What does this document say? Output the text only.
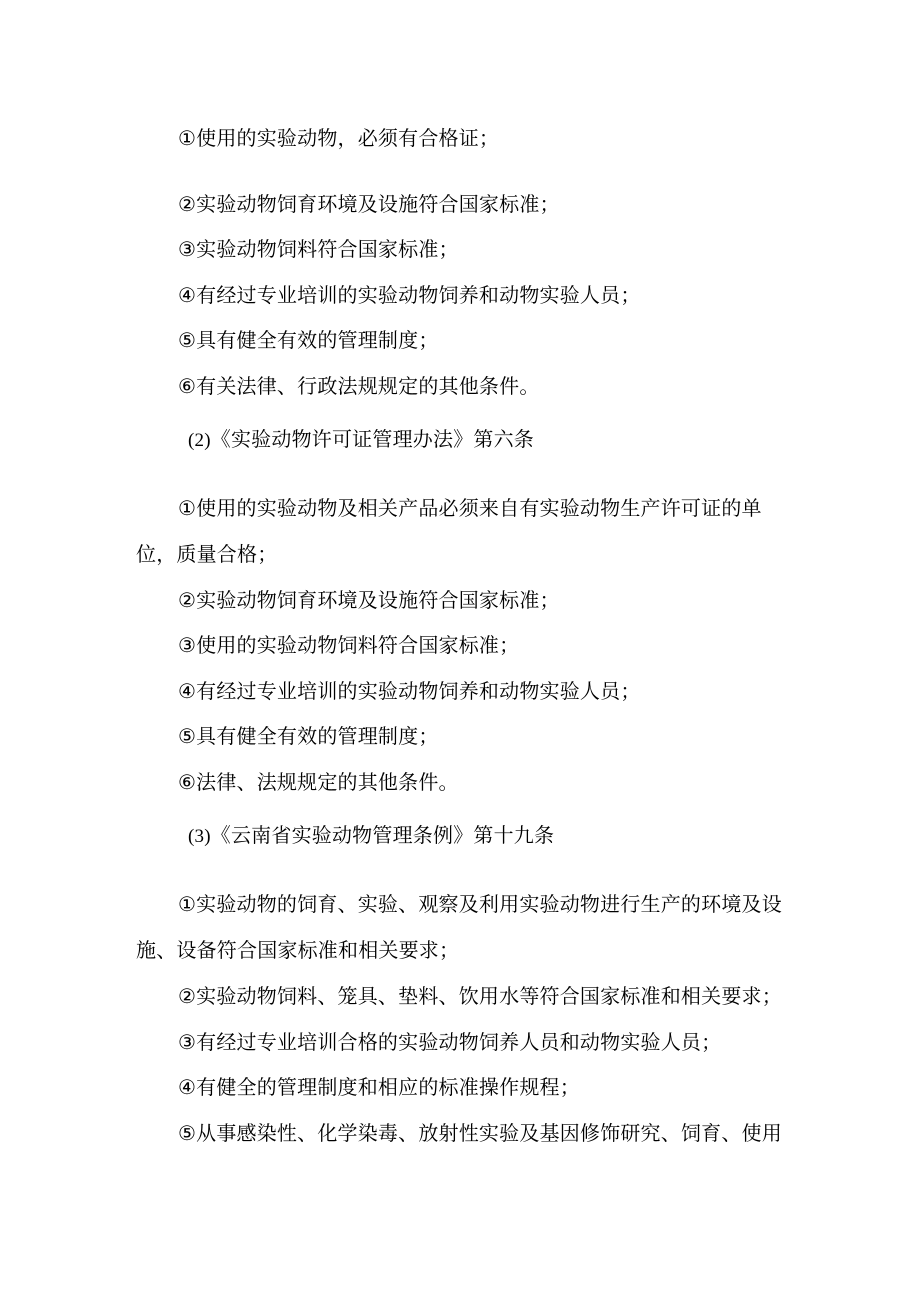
①使用的实验动物，必须有合格证；
②实验动物饲育环境及设施符合国家标准；
③实验动物饲料符合国家标准；
④有经过专业培训的实验动物饲养和动物实验人员；
⑤具有健全有效的管理制度；
⑥有关法律、行政法规规定的其他条件。
(2)《实验动物许可证管理办法》第六条
①使用的实验动物及相关产品必须来自有实验动物生产许可证的单
位，质量合格；
②实验动物饲育环境及设施符合国家标准；
③使用的实验动物饲料符合国家标准；
④有经过专业培训的实验动物饲养和动物实验人员；
⑤具有健全有效的管理制度；
⑥法律、法规规定的其他条件。
(3)《云南省实验动物管理条例》第十九条
①实验动物的饲育、实验、观察及利用实验动物进行生产的环境及设
施、设备符合国家标准和相关要求；
②实验动物饲料、笼具、垫料、饮用水等符合国家标准和相关要求；
③有经过专业培训合格的实验动物饲养人员和动物实验人员；
④有健全的管理制度和相应的标准操作规程；
⑤从事感染性、化学染毒、放射性实验及基因修饰研究、饲育、使用
